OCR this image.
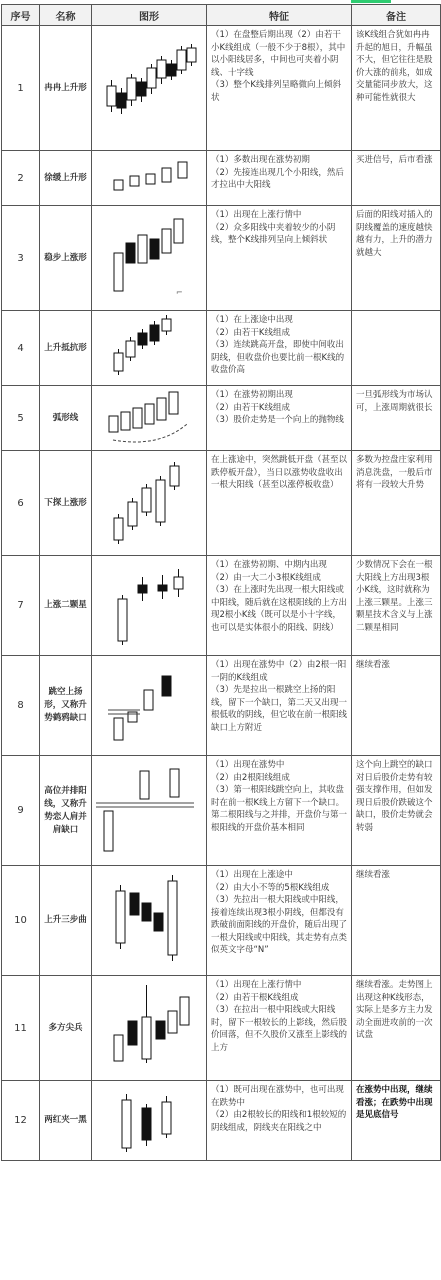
序号	名称	图形	特征	备注
1	冉冉上升形		（1）在盘整后期出现（2）由若干小K线组成（一般不少于8根），其中以小阳线居多，中间也可夹着小阴线、十字线
（3）整个K线排列呈略微向上倾斜状	该K线组合犹如冉冉升起的旭日，升幅虽不大，但它往往是股价大涨的前兆，如成交量能同步放大，这种可能性就很大
2	徐缓上升形		（1）多数出现在涨势初期
（2）先接连出现几个小阳线，然后才拉出中大阳线	买进信号，后市看涨
3	稳步上涨形	⌐	（1）出现在上涨行情中
（2）众多阳线中夹着较少的小阴线，整个K线排列呈向上倾斜状	后面的阳线对插入的阴线覆盖的速度越快越有力，上升的潜力就越大
4	上升抵抗形		（1）在上涨途中出现
（2）由若干K线组成
（3）连续跳高开盘，即使中间收出阴线，但收盘价也要比前一根K线的收盘价高	

5	弧形线		（1）在涨势初期出现
（2）由若干K线组成
（3）股价走势是一个向上的抛物线	一旦弧形线为市场认可，上涨周期就很长
6	下探上涨形		在上涨途中，突然跳低开盘（甚至以跌停板开盘），当日以涨势收盘收出一根大阳线（甚至以涨停板收盘）	多数为控盘庄家利用消息洗盘，一般后市将有一段较大升势
7	上涨二颗星		（1）在涨势初期、中期内出现
（2）由一大二小3根K线组成
（3）在上涨时先出现一根大阳线或中阳线，随后就在这根阳线的上方出现2根小K线（既可以是小十字线，也可以是实体很小的阳线、阴线）	少数情况下会在一根大阳线上方出现3根小K线，这时就称为上涨三颗星。上涨三颗星技术含义与上涨二颗星相同
8	跳空上扬形，又称升势鹤鸦缺口		（1）出现在涨势中（2）由2根一阳一阴的K线组成
（3）先是拉出一根跳空上扬的阳线，留下一个缺口，第二天又出现一根低收的阴线，但它收在前一根阳线缺口上方附近	继续看涨
9	高位并排阳线，又称升势恋人肩并肩缺口		（1）出现在涨势中
（2）由2根阳线组成
（3）第一根阳线跳空向上，其收盘时在前一根K线上方留下一个缺口。第二根阳线与之并排，开盘价与第一根阳线的开盘价基本相同	这个向上跳空的缺口对日后股价走势有较强支撑作用，但如发现日后股价跌破这个缺口，股价走势就会转弱
10	上升三步曲		（1）出现在上涨途中
（2）由大小不等的5根K线组成
（3）先拉出一根大阳线或中阳线，接着连续出现3根小阴线，但都没有跌破前面阳线的开盘价，随后出现了一根大阳线或中阳线，其走势有点类似英文字母“N”	继续看涨
11	多方尖兵		（1）出现在上涨行情中
（2）由若干根K线组成
（3）在拉出一根中阳线或大阳线时，留下一根较长的上影线，然后股价回落，但不久股价又涨至上影线的上方	继续看涨。走势图上出现这种K线形态，实际上是多方主力发动全面进攻前的一次试盘
12	两红夹一黑		（1）既可出现在涨势中，也可出现在跌势中
（2）由2根较长的阳线和1根较短的阴线组成，阴线夹在阳线之中	在涨势中出现，继续看涨；在跌势中出现是见底信号
